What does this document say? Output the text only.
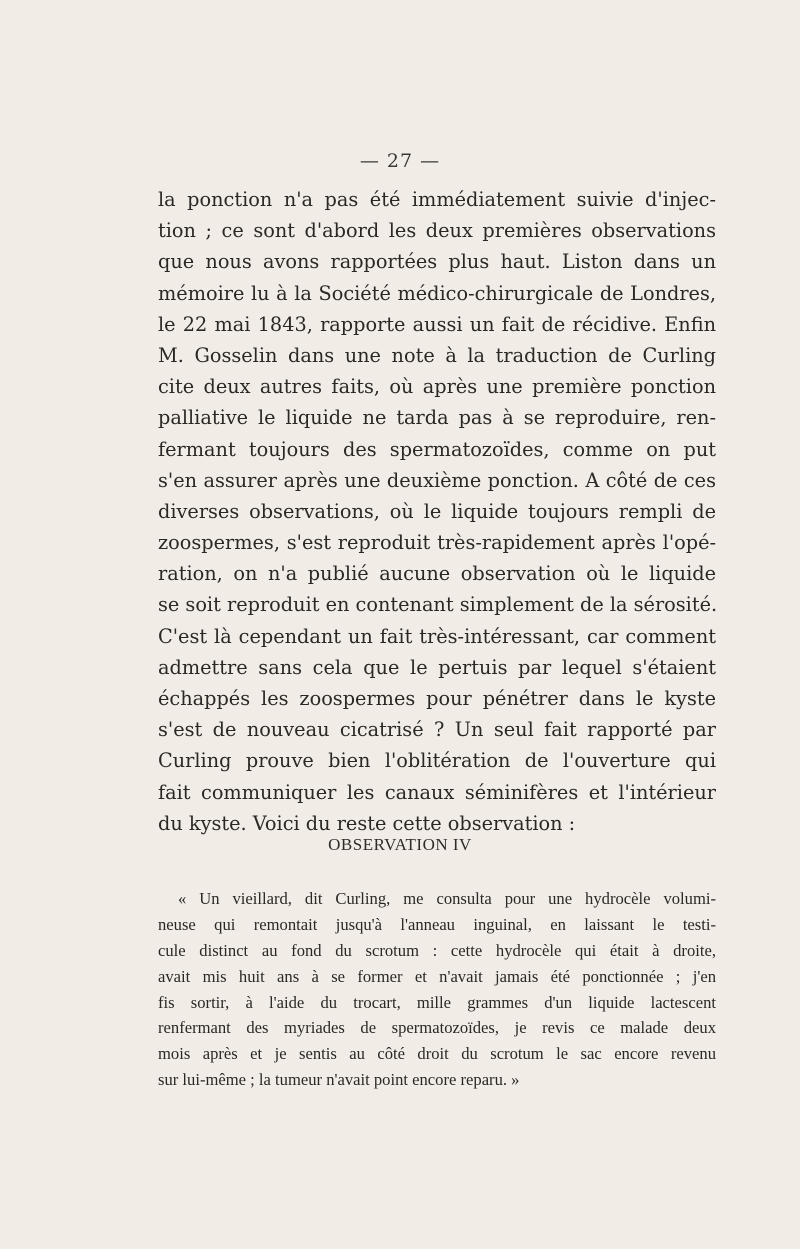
— 27 —
la ponction n'a pas été immédiatement suivie d'injec-
tion ; ce sont d'abord les deux premières observations
que nous avons rapportées plus haut. Liston dans un
mémoire lu à la Société médico-chirurgicale de Londres,
le 22 mai 1843, rapporte aussi un fait de récidive. Enfin
M. Gosselin dans une note à la traduction de Curling
cite deux autres faits, où après une première ponction
palliative le liquide ne tarda pas à se reproduire, ren-
fermant toujours des spermatozoïdes, comme on put
s'en assurer après une deuxième ponction. A côté de ces
diverses observations, où le liquide toujours rempli de
zoospermes, s'est reproduit très-rapidement après l'opé-
ration, on n'a publié aucune observation où le liquide
se soit reproduit en contenant simplement de la sérosité.
C'est là cependant un fait très-intéressant, car comment
admettre sans cela que le pertuis par lequel s'étaient
échappés les zoospermes pour pénétrer dans le kyste
s'est de nouveau cicatrisé ? Un seul fait rapporté par
Curling prouve bien l'oblitération de l'ouverture qui
fait communiquer les canaux séminifères et l'intérieur
du kyste. Voici du reste cette observation :
OBSERVATION IV
« Un vieillard, dit Curling, me consulta pour une hydrocèle volumi-
neuse qui remontait jusqu'à l'anneau inguinal, en laissant le testi-
cule distinct au fond du scrotum : cette hydrocèle qui était à droite,
avait mis huit ans à se former et n'avait jamais été ponctionnée ; j'en
fis sortir, à l'aide du trocart, mille grammes d'un liquide lactescent
renfermant des myriades de spermatozoïdes, je revis ce malade deux
mois après et je sentis au côté droit du scrotum le sac encore revenu
sur lui-même ; la tumeur n'avait point encore reparu. »
